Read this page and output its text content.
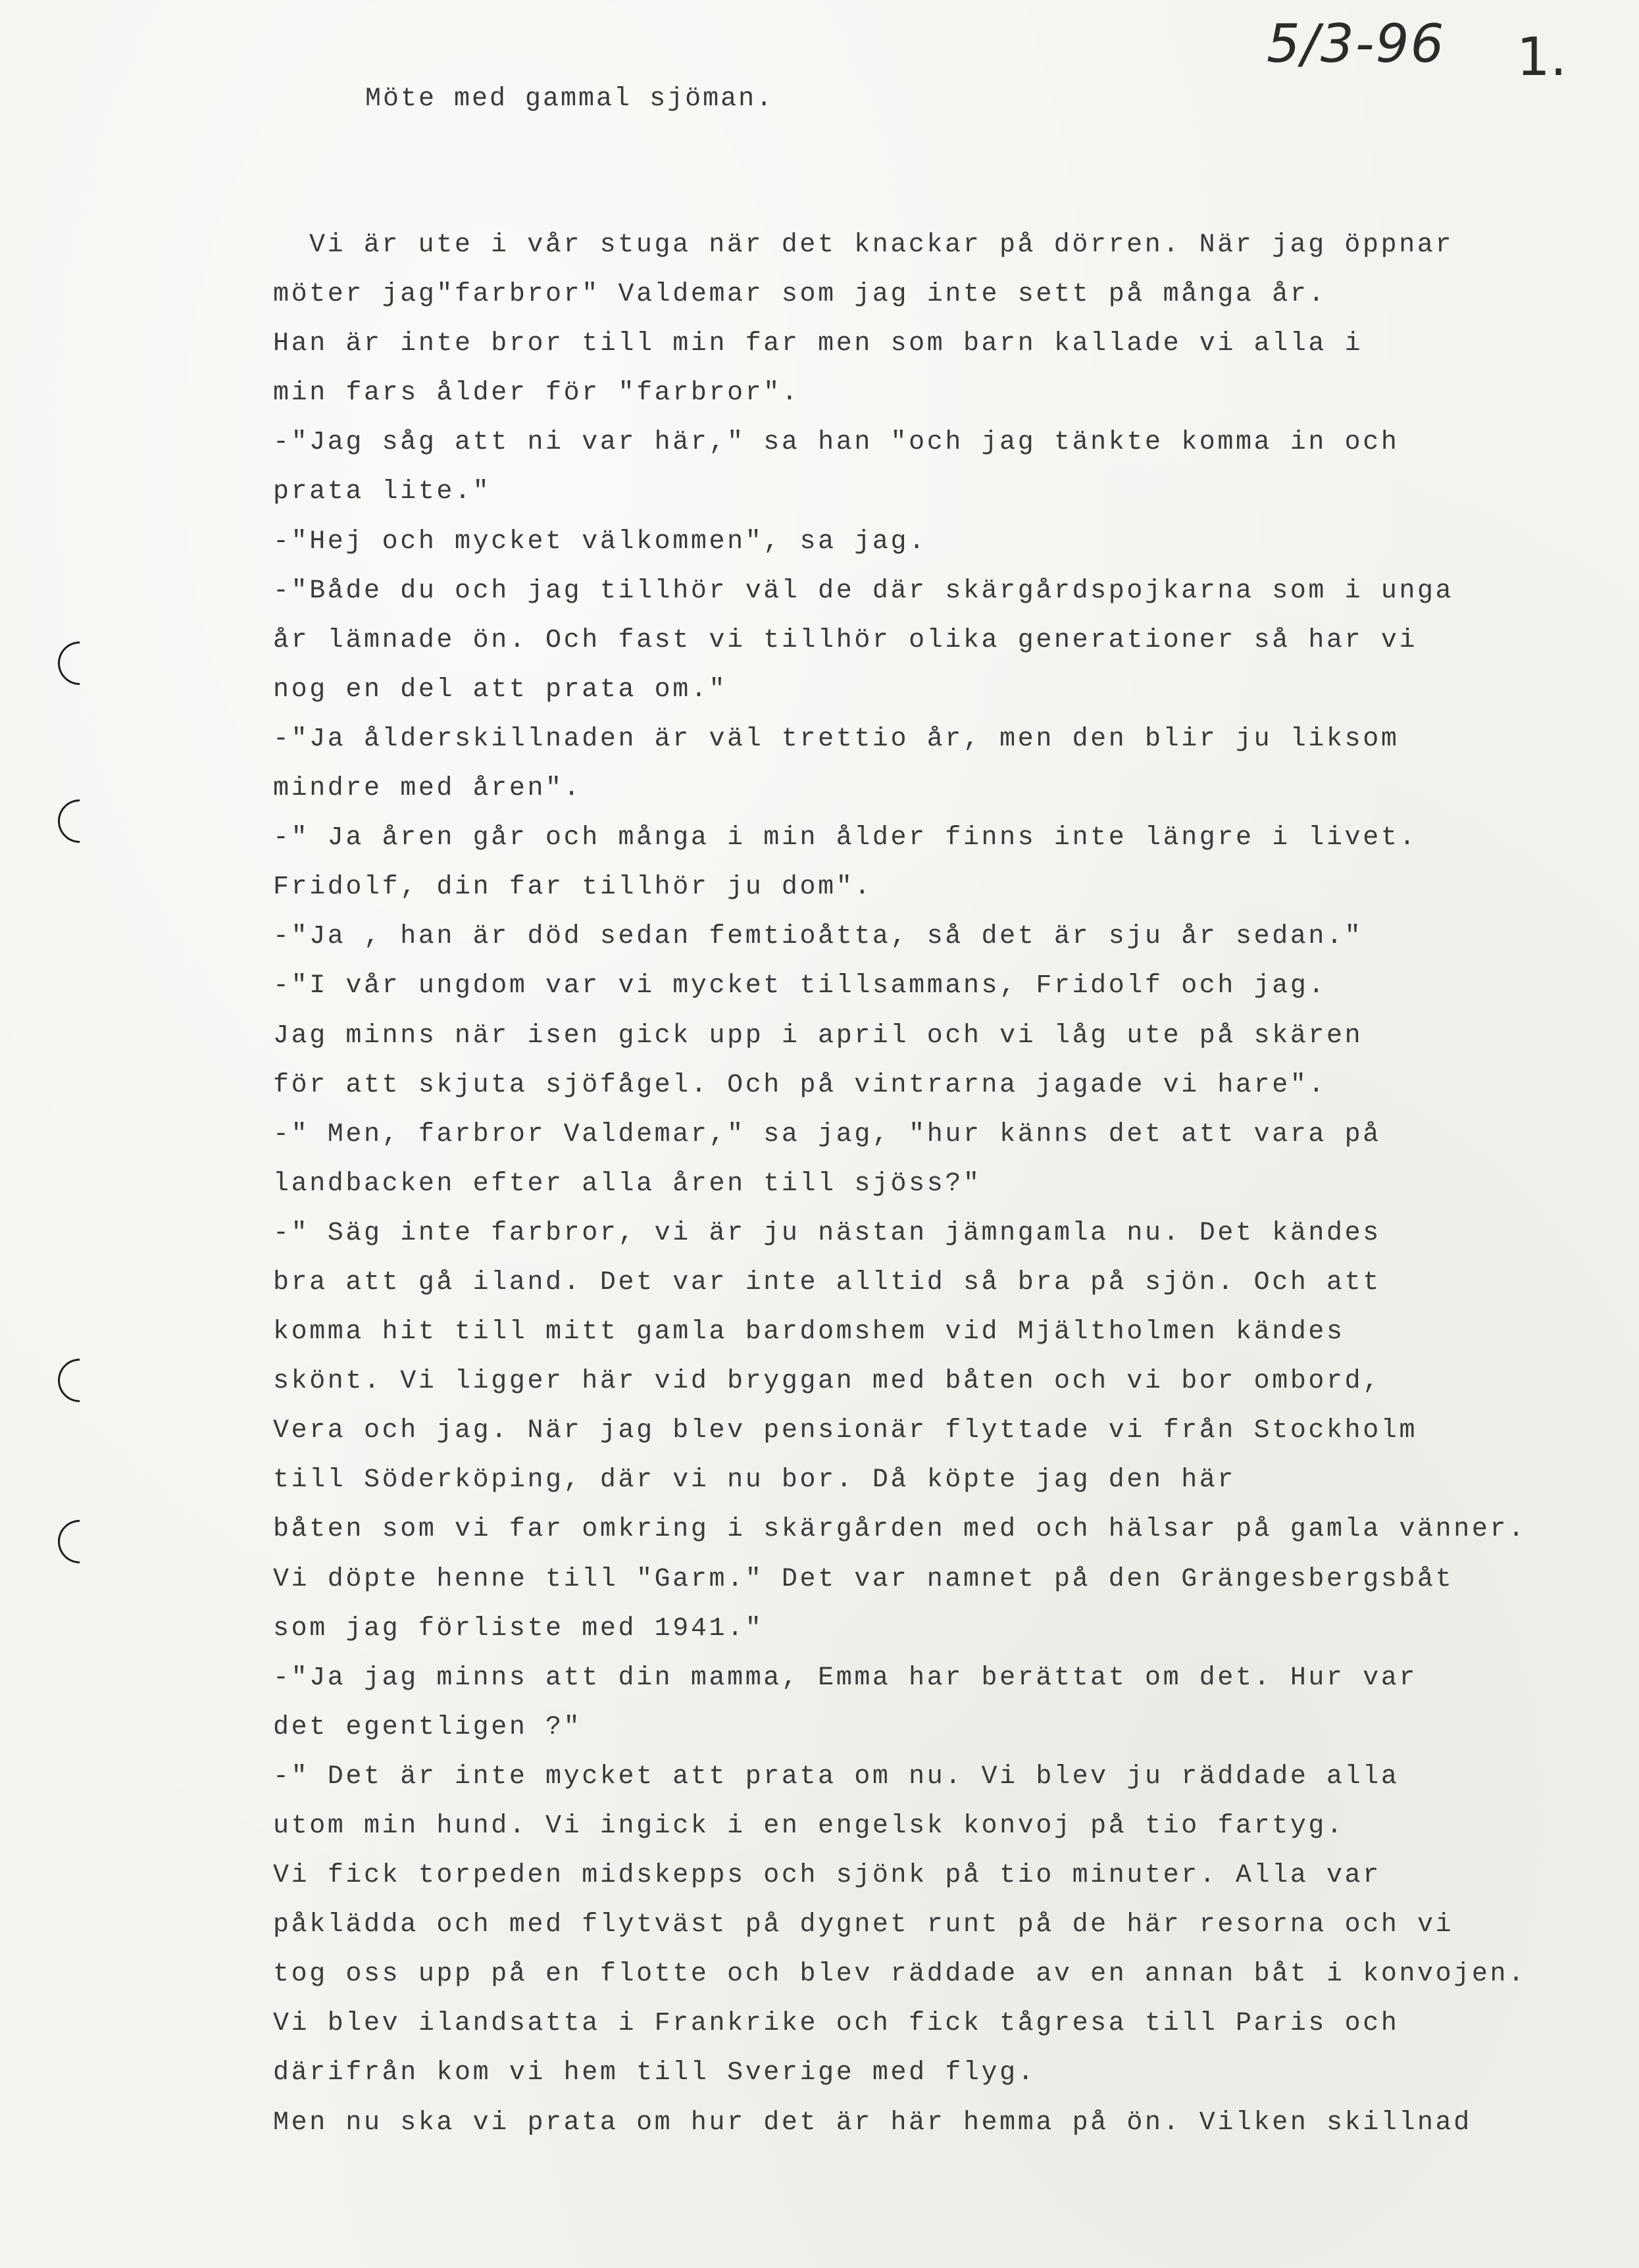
5/3-96 1.
Möte med gammal sjöman.
Vi är ute i vår stuga när det knackar på dörren. När jag öppnar
möter jag"farbror" Valdemar som jag inte sett på många år.
Han är inte bror till min far men som barn kallade vi alla i
min fars ålder för "farbror".
-"Jag såg att ni var här," sa han "och jag tänkte komma in och
prata lite."
-"Hej och mycket välkommen", sa jag.
-"Både du och jag tillhör väl de där skärgårdspojkarna som i unga
år lämnade ön. Och fast vi tillhör olika generationer så har vi
nog en del att prata om."
-"Ja ålderskillnaden är väl trettio år, men den blir ju liksom
mindre med åren".
-" Ja åren går och många i min ålder finns inte längre i livet.
Fridolf, din far tillhör ju dom".
-"Ja , han är död sedan femtioåtta, så det är sju år sedan."
-"I vår ungdom var vi mycket tillsammans, Fridolf och jag.
Jag minns när isen gick upp i april och vi låg ute på skären
för att skjuta sjöfågel. Och på vintrarna jagade vi hare".
-" Men, farbror Valdemar," sa jag, "hur känns det att vara på
landbacken efter alla åren till sjöss?"
-" Säg inte farbror, vi är ju nästan jämngamla nu. Det kändes
bra att gå iland. Det var inte alltid så bra på sjön. Och att
komma hit till mitt gamla bardomshem vid Mjältholmen kändes
skönt. Vi ligger här vid bryggan med båten och vi bor ombord,
Vera och jag. När jag blev pensionär flyttade vi från Stockholm
till Söderköping, där vi nu bor. Då köpte jag den här
båten som vi far omkring i skärgården med och hälsar på gamla vänner.
Vi döpte henne till "Garm." Det var namnet på den Grängesbergsbåt
som jag förliste med 1941."
-"Ja jag minns att din mamma, Emma har berättat om det. Hur var
det egentligen ?"
-" Det är inte mycket att prata om nu. Vi blev ju räddade alla
utom min hund. Vi ingick i en engelsk konvoj på tio fartyg.
Vi fick torpeden midskepps och sjönk på tio minuter. Alla var
påklädda och med flytväst på dygnet runt på de här resorna och vi
tog oss upp på en flotte och blev räddade av en annan båt i konvojen.
Vi blev ilandsatta i Frankrike och fick tågresa till Paris och
därifrån kom vi hem till Sverige med flyg.
Men nu ska vi prata om hur det är här hemma på ön. Vilken skillnad
